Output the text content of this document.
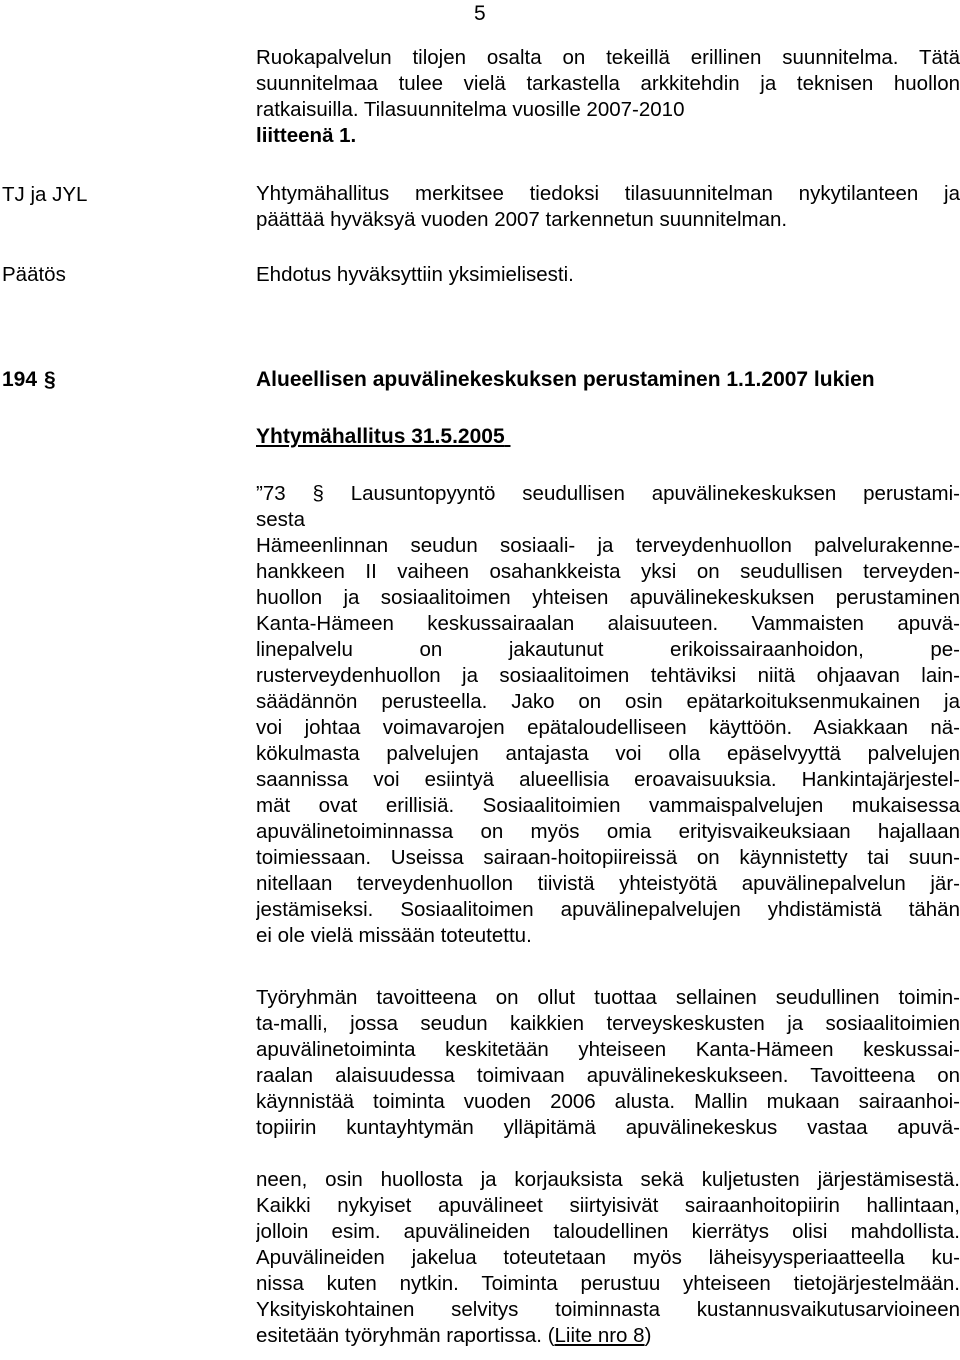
5
Ruokapalvelun tilojen osalta on tekeillä erillinen suunnitelma. Tätä
suunnitelmaa tulee vielä tarkastella arkkitehdin ja teknisen huollon
ratkaisuilla. Tilasuunnitelma vuosille 2007-2010
liitteenä 1.
TJ ja JYL	Yhtymähallitus merkitsee tiedoksi tilasuunnitelman nykytilanteen ja
päättää hyväksyä vuoden 2007 tarkennetun suunnitelman.
Päätös	Ehdotus hyväksyttiin yksimielisesti.
194 §	Alueellisen apuvälinekeskuksen perustaminen 1.1.2007 lukien
Yhtymähallitus 31.5.2005
”73 § Lausuntopyyntö seudullisen apuvälinekeskuksen perustami-
sesta
Hämeenlinnan seudun sosiaali- ja terveydenhuollon palvelurakenne-
hankkeen II vaiheen osahankkeista yksi on seudullisen terveyden-
huollon ja sosiaalitoimen yhteisen apuvälinekeskuksen perustaminen
Kanta-Hämeen keskussairaalan alaisuuteen. Vammaisten apuvä-
linepalvelu on jakautunut erikoissairaanhoidon, pe-
rusterveydenhuollon ja sosiaalitoimen tehtäviksi niitä ohjaavan lain-
säädännön perusteella. Jako on osin epätarkoituksenmukainen ja
voi johtaa voimavarojen epätaloudelliseen käyttöön. Asiakkaan nä-
kökulmasta palvelujen antajasta voi olla epäselvyyttä palvelujen
saannissa voi esiintyä alueellisia eroavaisuuksia. Hankintajärjestel-
mät ovat erillisiä. Sosiaalitoimien vammaispalvelujen mukaisessa
apuvälinetoiminnassa on myös omia erityisvaikeuksiaan hajallaan
toimiessaan. Useissa sairaan-hoitopiireissä on käynnistetty tai suun-
nitellaan terveydenhuollon tiivistä yhteistyötä apuvälinepalvelun jär-
jestämiseksi. Sosiaalitoimen apuvälinepalvelujen yhdistämistä tähän
ei ole vielä missään toteutettu.
Työryhmän tavoitteena on ollut tuottaa sellainen seudullinen toimin-
ta-malli, jossa seudun kaikkien terveyskeskusten ja sosiaalitoimien
apuvälinetoiminta keskitetään yhteiseen Kanta-Hämeen keskussai-
raalan alaisuudessa toimivaan apuvälinekeskukseen. Tavoitteena on
käynnistää toiminta vuoden 2006 alusta. Mallin mukaan sairaanhoi-
topiirin kuntayhtymän ylläpitämä apuvälinekeskus vastaa apuvä-
neen, osin huollosta ja korjauksista sekä kuljetusten järjestämisestä.
Kaikki nykyiset apuvälineet siirtyisivät sairaanhoitopiirin hallintaan,
jolloin esim. apuvälineiden taloudellinen kierrätys olisi mahdollista.
Apuvälineiden jakelua toteutetaan myös läheisyysperiaatteella ku-
nissa kuten nytkin. Toiminta perustuu yhteiseen tietojärjestelmään.
Yksityiskohtainen selvitys toiminnasta kustannusvaikutusarvioineen
esitetään työryhmän raportissa. (Liite nro 8)
